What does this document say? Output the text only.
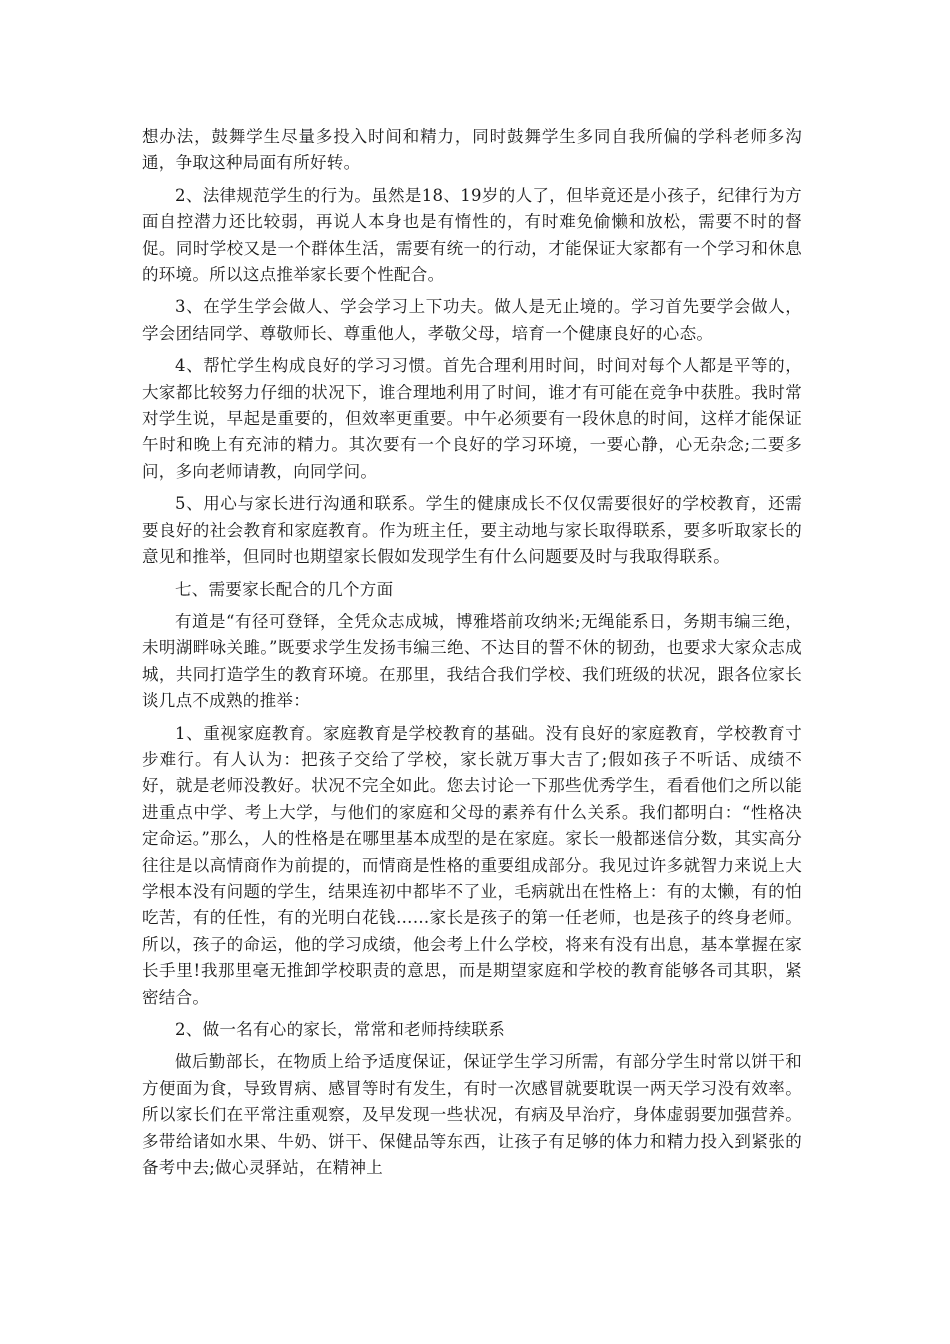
想办法，鼓舞学生尽量多投入时间和精力，同时鼓舞学生多同自我所偏的学科老师多沟通，争取这种局面有所好转。

2、法律规范学生的行为。虽然是18、19岁的人了，但毕竟还是小孩子，纪律行为方面自控潜力还比较弱，再说人本身也是有惰性的，有时难免偷懒和放松，需要不时的督促。同时学校又是一个群体生活，需要有统一的行动，才能保证大家都有一个学习和休息的环境。所以这点推举家长要个性配合。

3、在学生学会做人、学会学习上下功夫。做人是无止境的。学习首先要学会做人，学会团结同学、尊敬师长、尊重他人，孝敬父母，培育一个健康良好的心态。

4、帮忙学生构成良好的学习习惯。首先合理利用时间，时间对每个人都是平等的，大家都比较努力仔细的状况下，谁合理地利用了时间，谁才有可能在竞争中获胜。我时常对学生说，早起是重要的，但效率更重要。中午必须要有一段休息的时间，这样才能保证午时和晚上有充沛的精力。其次要有一个良好的学习环境，一要心静，心无杂念;二要多问，多向老师请教，向同学问。

5、用心与家长进行沟通和联系。学生的健康成长不仅仅需要很好的学校教育，还需要良好的社会教育和家庭教育。作为班主任，要主动地与家长取得联系，要多听取家长的意见和推举，但同时也期望家长假如发现学生有什么问题要及时与我取得联系。

七、需要家长配合的几个方面

有道是“有径可登铎，全凭众志成城，博雅塔前攻纳米;无绳能系日，务期韦编三绝，未明湖畔咏关雎。”既要求学生发扬韦编三绝、不达目的誓不休的韧劲，也要求大家众志成城，共同打造学生的教育环境。在那里，我结合我们学校、我们班级的状况，跟各位家长谈几点不成熟的推举：

1、重视家庭教育。家庭教育是学校教育的基础。没有良好的家庭教育，学校教育寸步难行。有人认为：把孩子交给了学校，家长就万事大吉了;假如孩子不听话、成绩不好，就是老师没教好。状况不完全如此。您去讨论一下那些优秀学生，看看他们之所以能进重点中学、考上大学，与他们的家庭和父母的素养有什么关系。我们都明白：“性格决定命运。”那么，人的性格是在哪里基本成型的是在家庭。家长一般都迷信分数，其实高分往往是以高情商作为前提的，而情商是性格的重要组成部分。我见过许多就智力来说上大学根本没有问题的学生，结果连初中都毕不了业，毛病就出在性格上：有的太懒，有的怕吃苦，有的任性，有的光明白花钱……家长是孩子的第一任老师，也是孩子的终身老师。所以，孩子的命运，他的学习成绩，他会考上什么学校，将来有没有出息，基本掌握在家长手里!我那里毫无推卸学校职责的意思，而是期望家庭和学校的教育能够各司其职，紧密结合。

2、做一名有心的家长，常常和老师持续联系

做后勤部长，在物质上给予适度保证，保证学生学习所需，有部分学生时常以饼干和方便面为食，导致胃病、感冒等时有发生，有时一次感冒就要耽误一两天学习没有效率。所以家长们在平常注重观察，及早发现一些状况，有病及早治疗，身体虚弱要加强营养。多带给诸如水果、牛奶、饼干、保健品等东西，让孩子有足够的体力和精力投入到紧张的备考中去;做心灵驿站，在精神上
